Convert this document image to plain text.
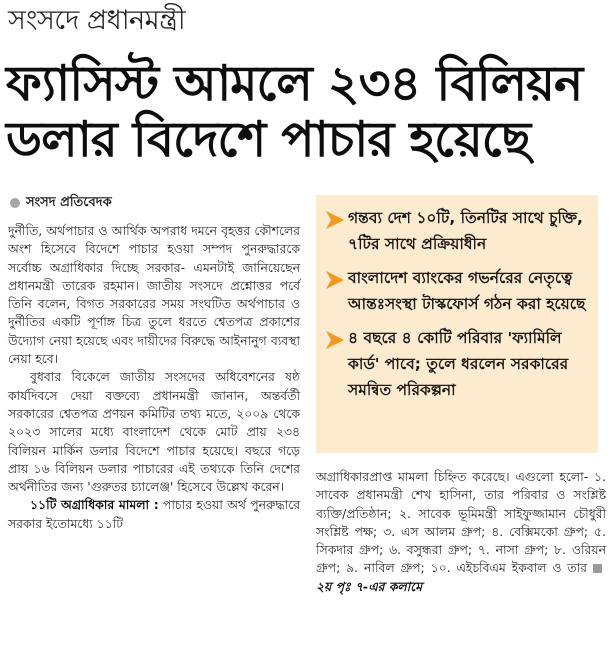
সংসদে প্রধানমন্ত্রী
ফ্যাসিস্ট আমলে ২৩৪ বিলিয়ন
ডলার বিদেশে পাচার হয়েছে
সংসদ প্রতিবেদক

দুর্নীতি, অর্থপাচার ও আর্থিক অপরাধ দমনে বৃহত্তর কৌশলের অংশ হিসেবে বিদেশে পাচার হওয়া সম্পদ পুনরুদ্ধারকে সর্বোচ্চ অগ্রাধিকার দিচ্ছে সরকার- এমনটাই জানিয়েছেন প্রধানমন্ত্রী তারেক রহমান। জাতীয় সংসদে প্রশ্নোত্তর পর্বে তিনি বলেন, বিগত সরকারের সময় সংঘটিত অর্থপাচার ও দুর্নীতির একটি পূর্ণাঙ্গ চিত্র তুলে ধরতে শ্বেতপত্র প্রকাশের উদ্যোগ নেয়া হয়েছে এবং দায়ীদের বিরুদ্ধে আইনানুগ ব্যবস্থা নেয়া হবে।

বুধবার বিকেলে জাতীয় সংসদের অধিবেশনের ষষ্ঠ কার্যদিবসে দেয়া বক্তব্যে প্রধানমন্ত্রী জানান, অন্তর্বর্তী সরকারের শ্বেতপত্র প্রণয়ন কমিটির তথ্য মতে, ২০০৯ থেকে ২০২৩ সালের মধ্যে বাংলাদেশ থেকে মোট প্রায় ২৩৪ বিলিয়ন মার্কিন ডলার বিদেশে পাচার হয়েছে। বছরে গড়ে প্রায় ১৬ বিলিয়ন ডলার পাচারের এই তথ্যকে তিনি দেশের অর্থনীতির জন্য 'গুরুতর চ্যালেঞ্জ' হিসেবে উল্লেখ করেন।

১১টি অগ্রাধিকার মামলা : পাচার হওয়া অর্থ পুনরুদ্ধারে সরকার ইতোমধ্যে ১১টি

গন্তব্য দেশ ১০টি, তিনটির সাথে চুক্তি, ৭টির সাথে প্রক্রিয়াধীন
বাংলাদেশ ব্যাংকের গভর্নরের নেতৃত্বে আন্তঃসংস্থা টাস্কফোর্স গঠন করা হয়েছে
৪ বছরে ৪ কোটি পরিবার 'ফ্যামিলি কার্ড' পাবে; তুলে ধরলেন সরকারের সমন্বিত পরিকল্পনা

অগ্রাধিকারপ্রাপ্ত মামলা চিহ্নিত করেছে। এগুলো হলো- ১. সাবেক প্রধানমন্ত্রী শেখ হাসিনা, তার পরিবার ও সংশ্লিষ্ট ব্যক্তি/প্রতিষ্ঠান; ২. সাবেক ভূমিমন্ত্রী সাইফুজ্জামান চৌধুরী সংশ্লিষ্ট পক্ষ; ৩. এস আলম গ্রুপ; ৪. বেক্সিমকো গ্রুপ; ৫. সিকদার গ্রুপ; ৬. বসুন্ধরা গ্রুপ; ৭. নাসা গ্রুপ; ৮. ওরিয়ন গ্রুপ; ৯. নাবিল গ্রুপ; ১০. এইচবিএম ইকবাল ও তার২য় পৃঃ ৭-এর কলামে
